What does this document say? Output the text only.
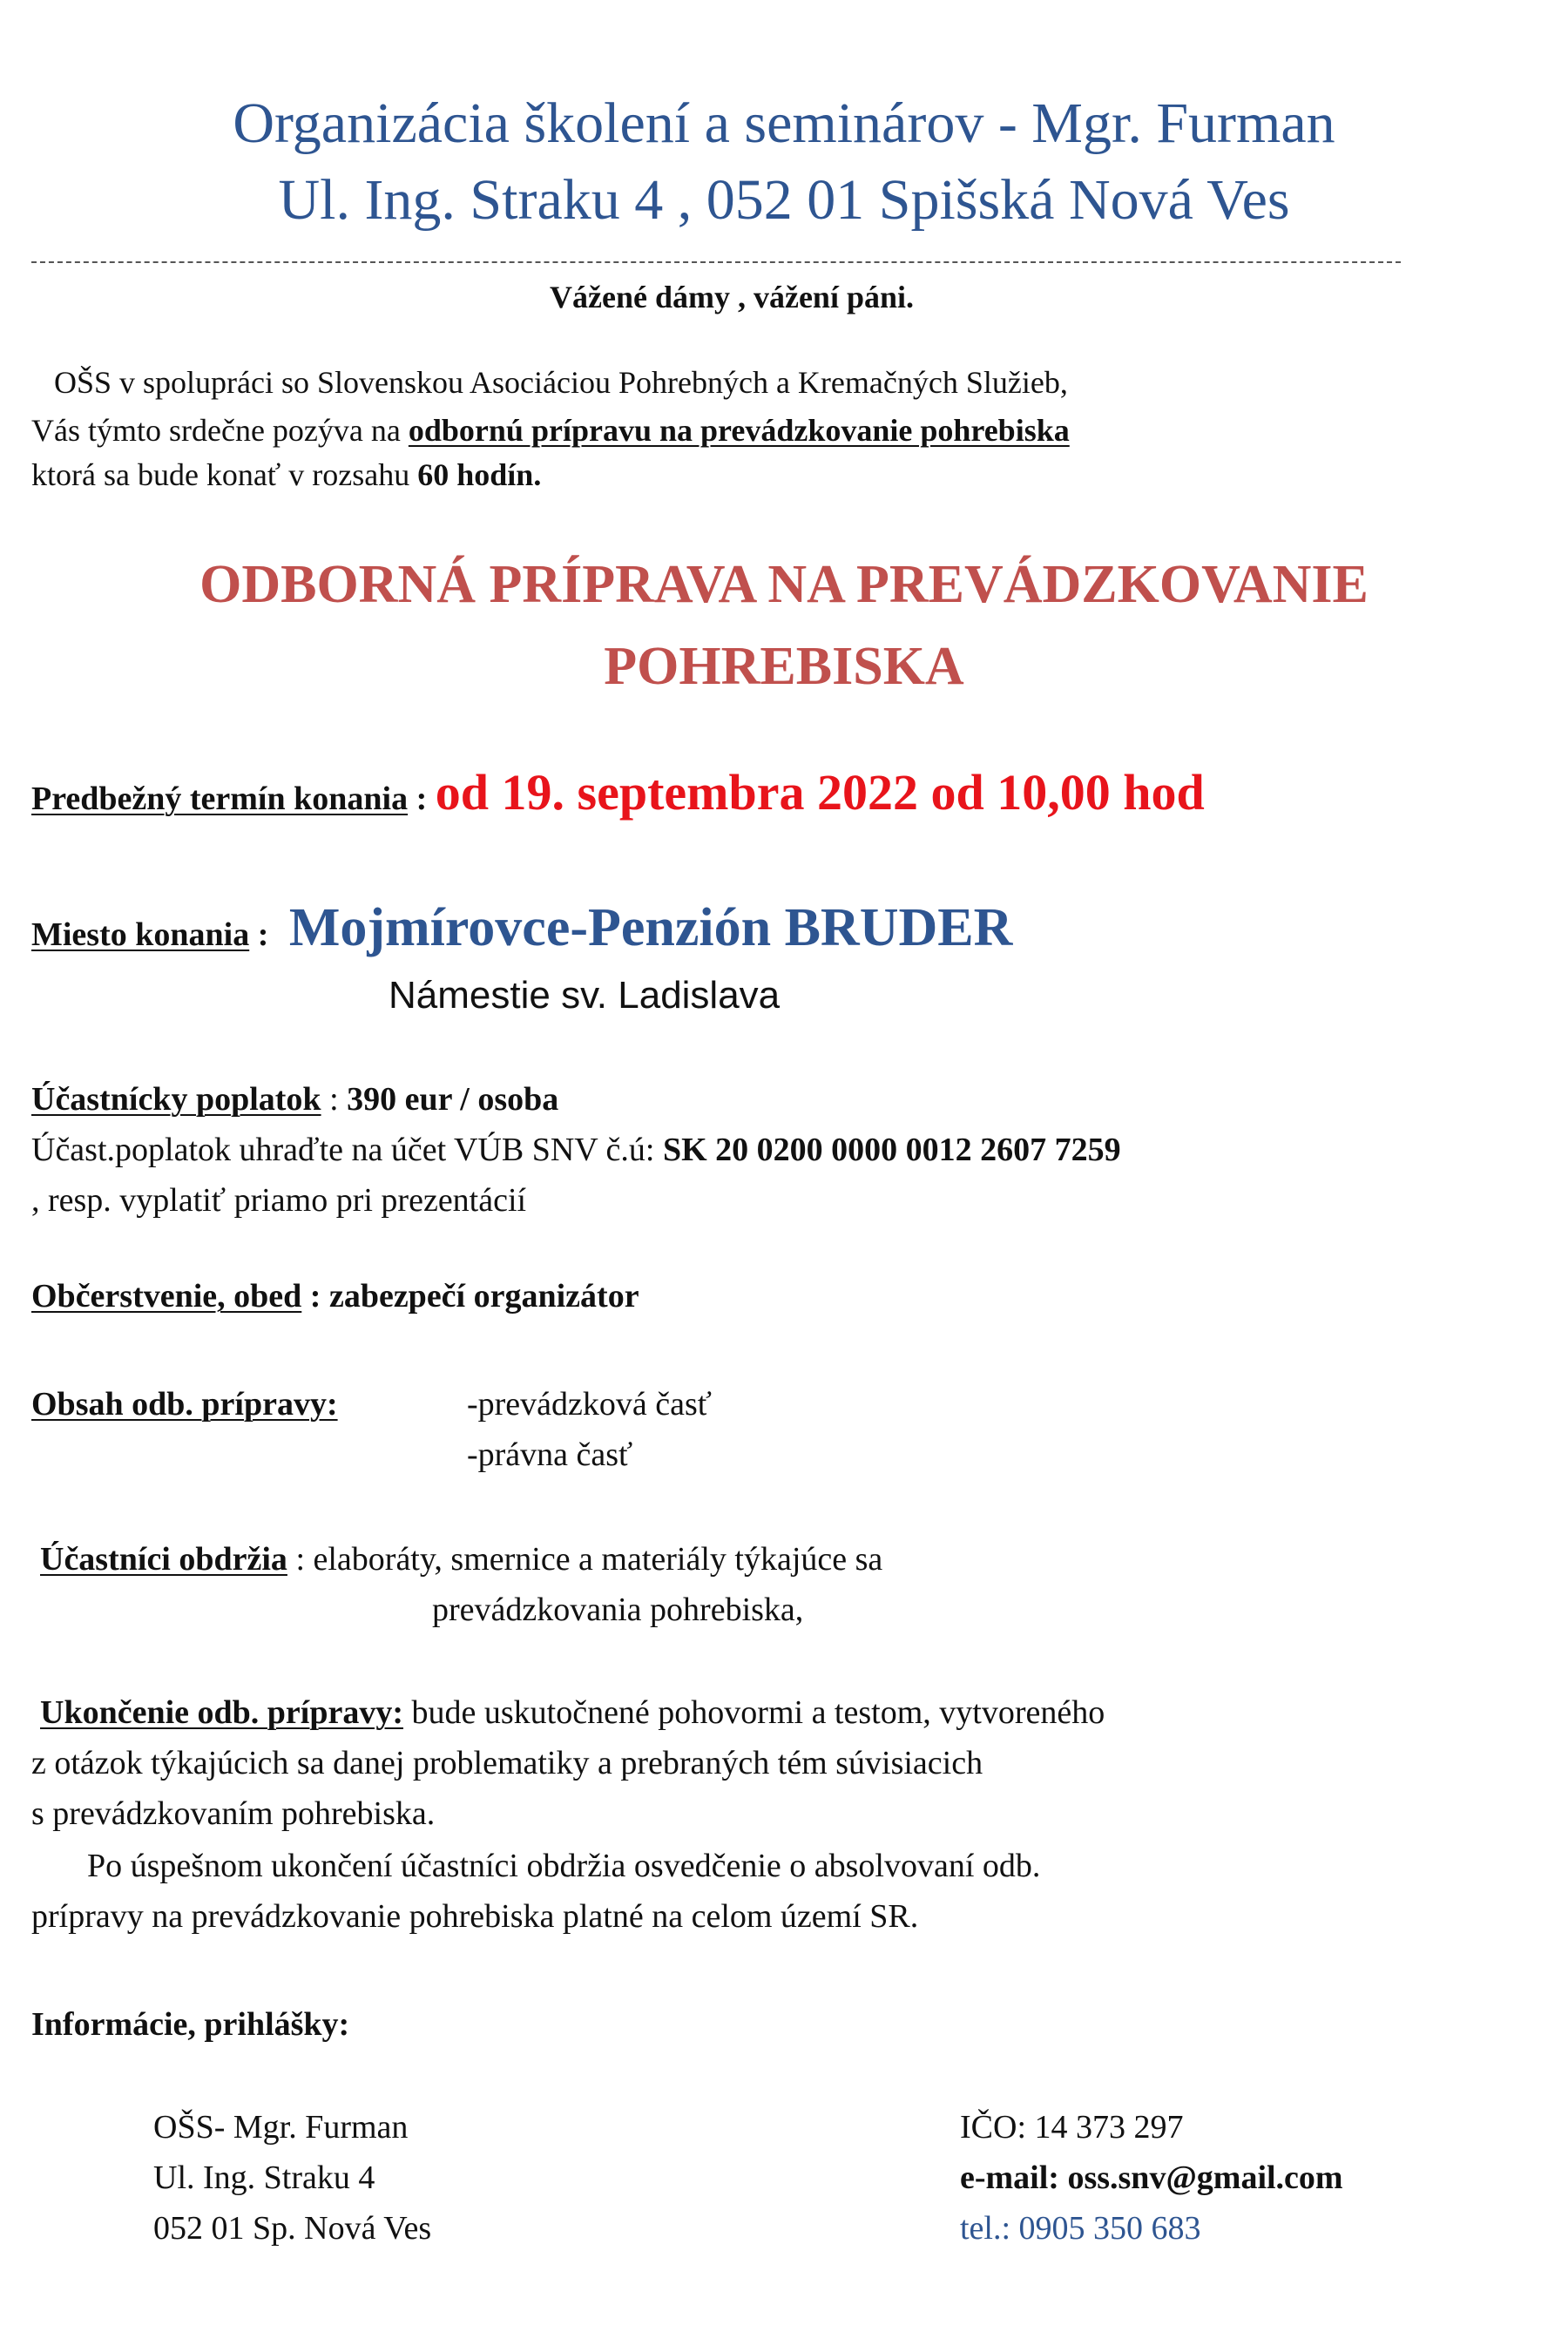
Organizácia školení a seminárov - Mgr. Furman
Ul. Ing. Straku 4 , 052 01 Spišská Nová Ves
Vážené dámy , vážení páni.
OŠS v spolupráci so Slovenskou Asociáciou Pohrebných a Kremačných Služieb,
Vás týmto srdečne pozýva na odbornú prípravu na prevádzkovanie pohrebiska
ktorá sa bude konať v rozsahu 60 hodín.
ODBORNÁ PRÍPRAVA NA PREVÁDZKOVANIE
POHREBISKA
Predbežný termín konania : od 19. septembra 2022 od 10,00 hod
Miesto konania : Mojmírovce-Penzión BRUDER
Námestie sv. Ladislava
Účastnícky poplatok : 390 eur / osoba
Účast.poplatok uhraďte na účet VÚB SNV č.ú: SK 20 0200 0000 0012 2607 7259
, resp. vyplatiť priamo pri prezentácií
Občerstvenie, obed : zabezpečí organizátor
Obsah odb. prípravy:	-prevádzková časť
-právna časť
Účastníci obdržia : elaboráty, smernice a materiály týkajúce sa
prevádzkovania pohrebiska,
Ukončenie odb. prípravy: bude uskutočnené pohovormi a testom, vytvoreného
z otázok týkajúcich sa danej problematiky a prebraných tém súvisiacich
s prevádzkovaním pohrebiska.
Po úspešnom ukončení účastníci obdržia osvedčenie o absolvovaní odb.
prípravy na prevádzkovanie pohrebiska platné na celom území SR.
Informácie, prihlášky:
OŠS- Mgr. Furman
Ul. Ing. Straku 4
052 01 Sp. Nová Ves
IČO: 14 373 297
e-mail: oss.snv@gmail.com
tel.: 0905 350 683
